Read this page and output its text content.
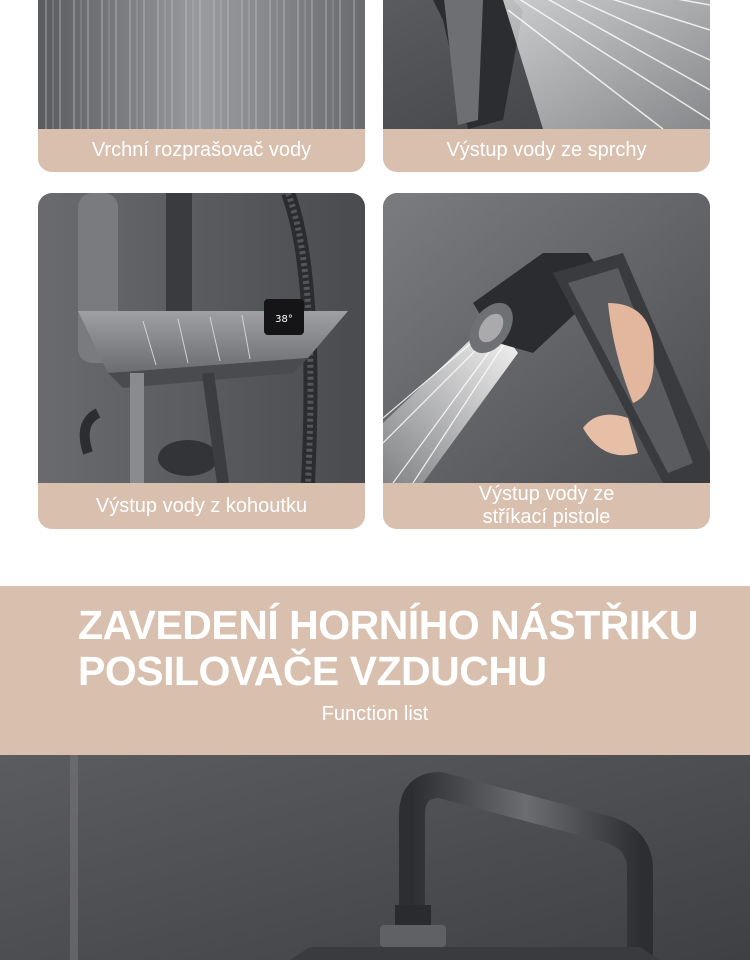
Vrchní rozprašovač vody	Výstup vody ze sprchy
38°
Výstup vody z kohoutku
Výstup vody ze
stříkací pistole
ZAVEDENÍ HORNÍHO NÁSTŘIKU
POSILOVAČE VZDUCHU
Function list
